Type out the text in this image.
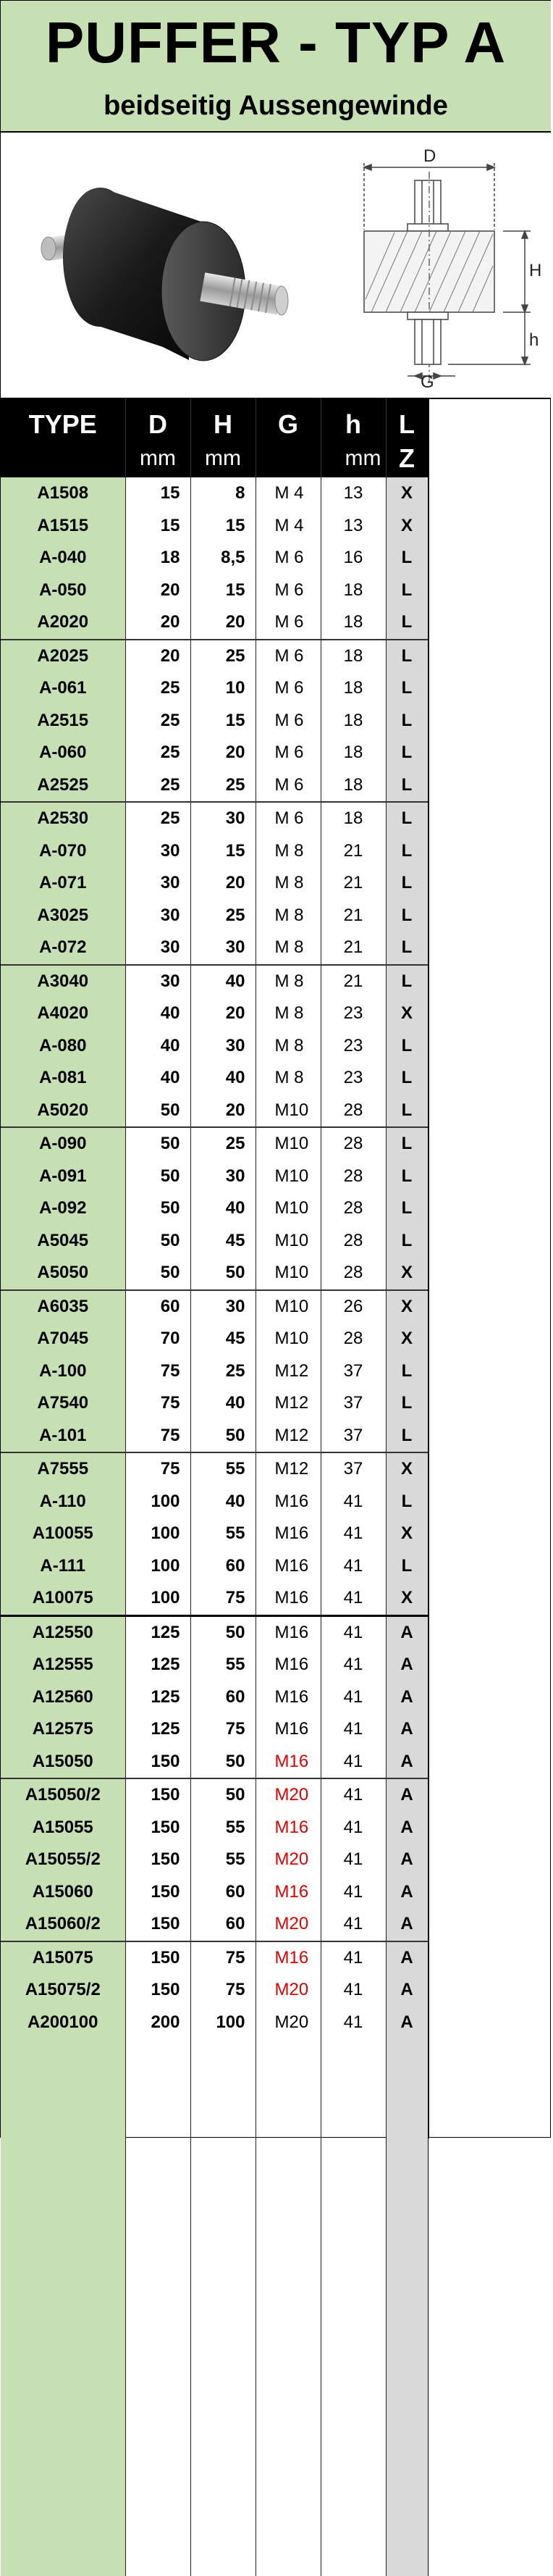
PUFFER - TYP A
beidseitig Aussengewinde
D
H
h
G
TYPE	D	H	G	h	L
	mm	mm		mm	Z
A1508	15	8	M 4	13	X
A1515	15	15	M 4	13	X
A-040	18	8,5	M 6	16	L
A-050	20	15	M 6	18	L
A2020	20	20	M 6	18	L
A2025	20	25	M 6	18	L
A-061	25	10	M 6	18	L
A2515	25	15	M 6	18	L
A-060	25	20	M 6	18	L
A2525	25	25	M 6	18	L
A2530	25	30	M 6	18	L
A-070	30	15	M 8	21	L
A-071	30	20	M 8	21	L
A3025	30	25	M 8	21	L
A-072	30	30	M 8	21	L
A3040	30	40	M 8	21	L
A4020	40	20	M 8	23	X
A-080	40	30	M 8	23	L
A-081	40	40	M 8	23	L
A5020	50	20	M10	28	L
A-090	50	25	M10	28	L
A-091	50	30	M10	28	L
A-092	50	40	M10	28	L
A5045	50	45	M10	28	L
A5050	50	50	M10	28	X
A6035	60	30	M10	26	X
A7045	70	45	M10	28	X
A-100	75	25	M12	37	L
A7540	75	40	M12	37	L
A-101	75	50	M12	37	L
A7555	75	55	M12	37	X
A-110	100	40	M16	41	L
A10055	100	55	M16	41	X
A-111	100	60	M16	41	L
A10075	100	75	M16	41	X
A12550	125	50	M16	41	A
A12555	125	55	M16	41	A
A12560	125	60	M16	41	A
A12575	125	75	M16	41	A
A15050	150	50	M16	41	A
A15050/2	150	50	M20	41	A
A15055	150	55	M16	41	A
A15055/2	150	55	M20	41	A
A15060	150	60	M16	41	A
A15060/2	150	60	M20	41	A
A15075	150	75	M16	41	A
A15075/2	150	75	M20	41	A
A200100	200	100	M20	41	A
